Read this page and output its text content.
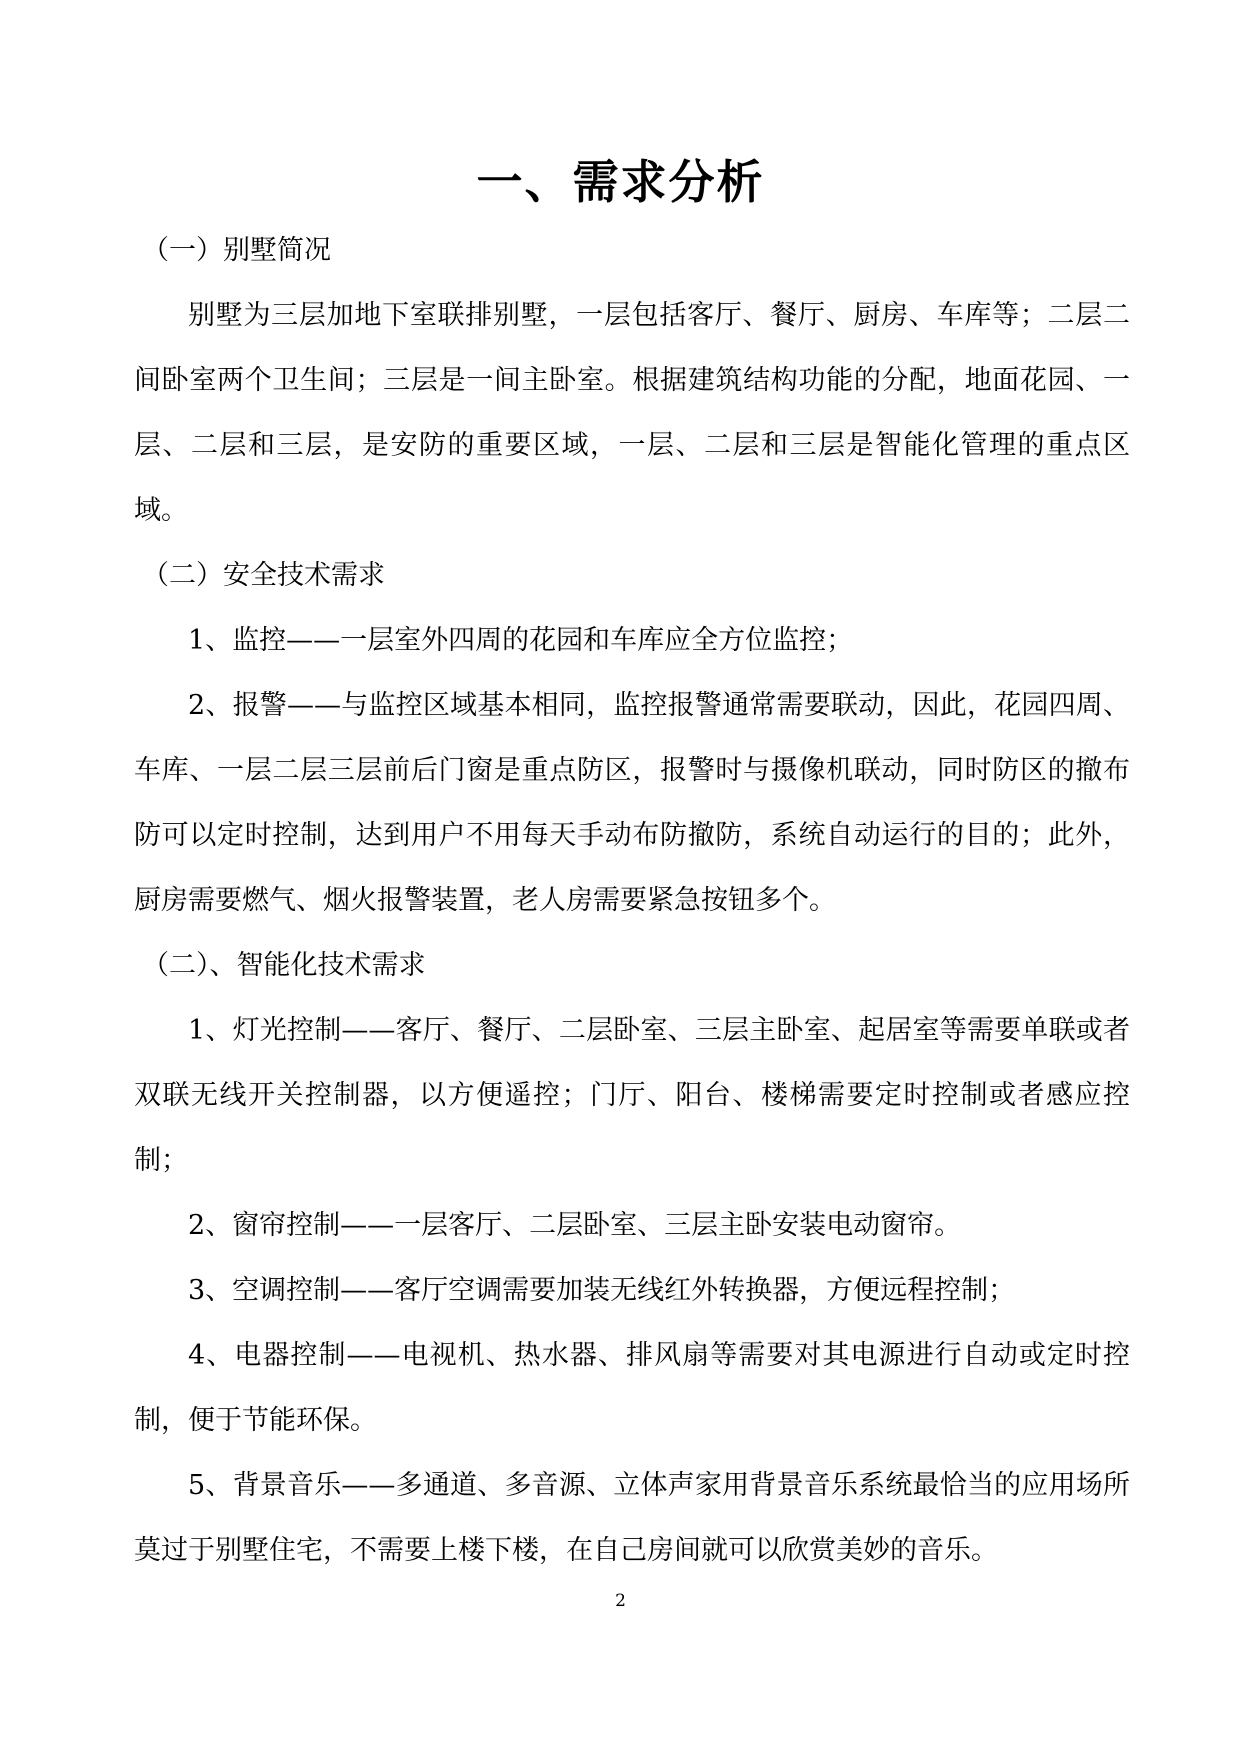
一、需求分析

（一）别墅简况

别墅为三层加地下室联排别墅，一层包括客厅、餐厅、厨房、车库等；二层二间卧室两个卫生间；三层是一间主卧室。根据建筑结构功能的分配，地面花园、一层、二层和三层，是安防的重要区域，一层、二层和三层是智能化管理的重点区域。

（二）安全技术需求

1、监控——一层室外四周的花园和车库应全方位监控；

2、报警——与监控区域基本相同，监控报警通常需要联动，因此，花园四周、车库、一层二层三层前后门窗是重点防区，报警时与摄像机联动，同时防区的撤布防可以定时控制，达到用户不用每天手动布防撤防，系统自动运行的目的；此外，厨房需要燃气、烟火报警装置，老人房需要紧急按钮多个。

（二）、智能化技术需求

1、灯光控制——客厅、餐厅、二层卧室、三层主卧室、起居室等需要单联或者双联无线开关控制器，以方便遥控；门厅、阳台、楼梯需要定时控制或者感应控制；

2、窗帘控制——一层客厅、二层卧室、三层主卧安装电动窗帘。

3、空调控制——客厅空调需要加装无线红外转换器，方便远程控制；

4、电器控制——电视机、热水器、排风扇等需要对其电源进行自动或定时控制，便于节能环保。

5、背景音乐——多通道、多音源、立体声家用背景音乐系统最恰当的应用场所莫过于别墅住宅，不需要上楼下楼，在自己房间就可以欣赏美妙的音乐。

2
